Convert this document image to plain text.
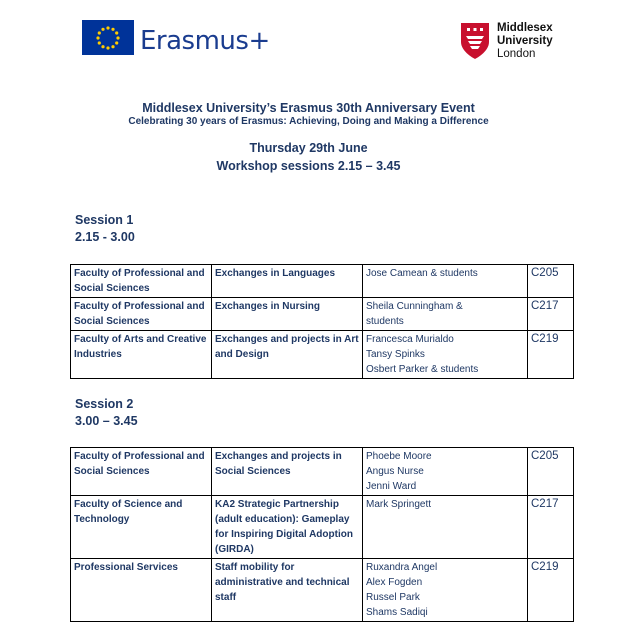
Erasmus+	Middlesex
University
London
Middlesex University’s Erasmus 30th Anniversary Event
Celebrating 30 years of Erasmus: Achieving, Doing and Making a Difference
Thursday 29th June
Workshop sessions 2.15 – 3.45
Session 1
2.15 - 3.00
Faculty of Professional and Social Sciences	Exchanges in Languages	Jose Camean & students	C205
Faculty of Professional and Social Sciences	Exchanges in Nursing	Sheila Cunningham &
students	C217
Faculty of Arts and Creative Industries	Exchanges and projects in Art and Design	Francesca Murialdo
Tansy Spinks
Osbert Parker & students	C219
Session 2
3.00 – 3.45
Faculty of Professional and Social Sciences	Exchanges and projects in Social Sciences	Phoebe Moore
Angus Nurse
Jenni Ward	C205
Faculty of Science and Technology	KA2 Strategic Partnership (adult education): Gameplay for Inspiring Digital Adoption (GIRDA)	Mark Springett	C217
Professional Services	Staff mobility for administrative and technical staff	Ruxandra Angel
Alex Fogden
Russel Park
Shams Sadiqi	C219
